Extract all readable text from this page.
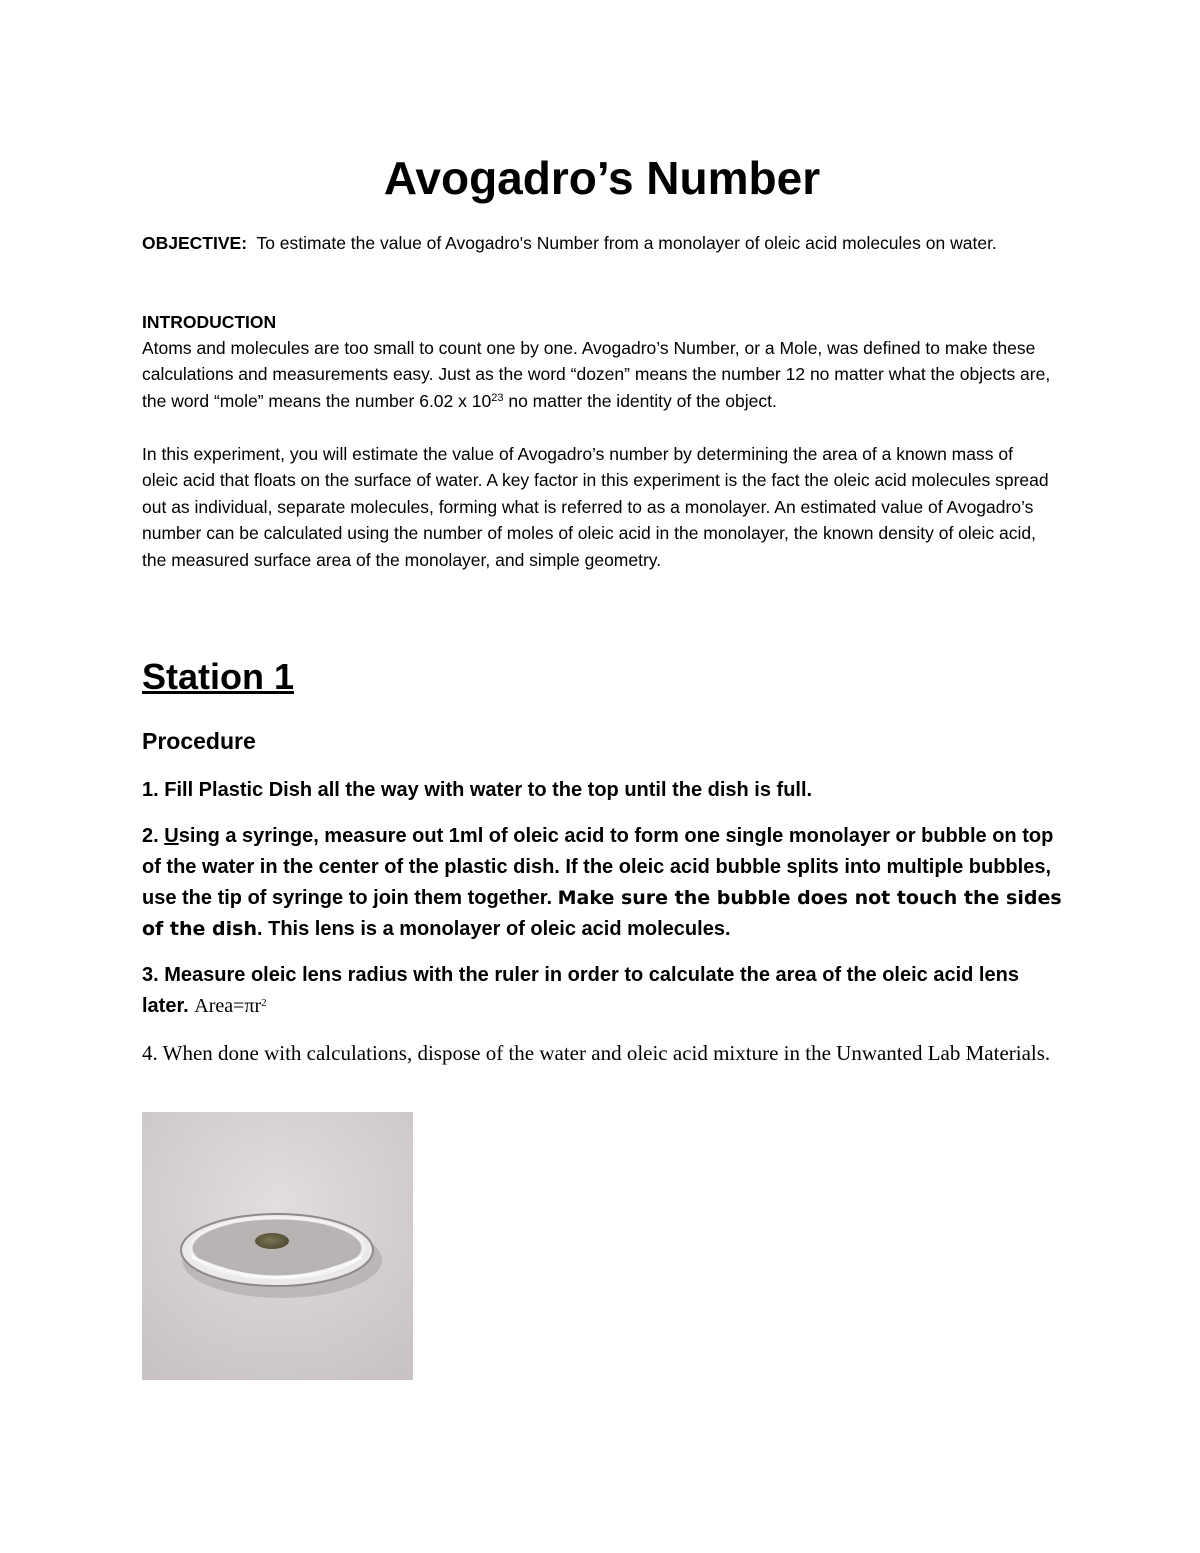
Avogadro’s Number

OBJECTIVE: To estimate the value of Avogadro's Number from a monolayer of oleic acid molecules on water.

INTRODUCTION

Atoms and molecules are too small to count one by one. Avogadro’s Number, or a Mole, was defined to make these calculations and measurements easy. Just as the word “dozen” means the number 12 no matter what the objects are, the word “mole” means the number 6.02 x $10^{23}$ no matter the identity of the object.

In this experiment, you will estimate the value of Avogadro’s number by determining the area of a known mass of oleic acid that floats on the surface of water. A key factor in this experiment is the fact the oleic acid molecules spread out as individual, separate molecules, forming what is referred to as a monolayer. An estimated value of Avogadro’s number can be calculated using the number of moles of oleic acid in the monolayer, the known density of oleic acid, the measured surface area of the monolayer, and simple geometry.

Station 1
Procedure

1. Fill Plastic Dish all the way with water to the top until the dish is full.

2. Using a syringe, measure out 1ml of oleic acid to form one single monolayer or bubble on top of the water in the center of the plastic dish. If the oleic acid bubble splits into multiple bubbles, use the tip of syringe to join them together. Make sure the bubble does not touch the sides of the dish. This lens is a monolayer of oleic acid molecules.

3. Measure oleic lens radius with the ruler in order to calculate the area of the oleic acid lens later. $Area=\pi r^2$

4. When done with calculations, dispose of the water and oleic acid mixture in the Unwanted Lab Materials.
